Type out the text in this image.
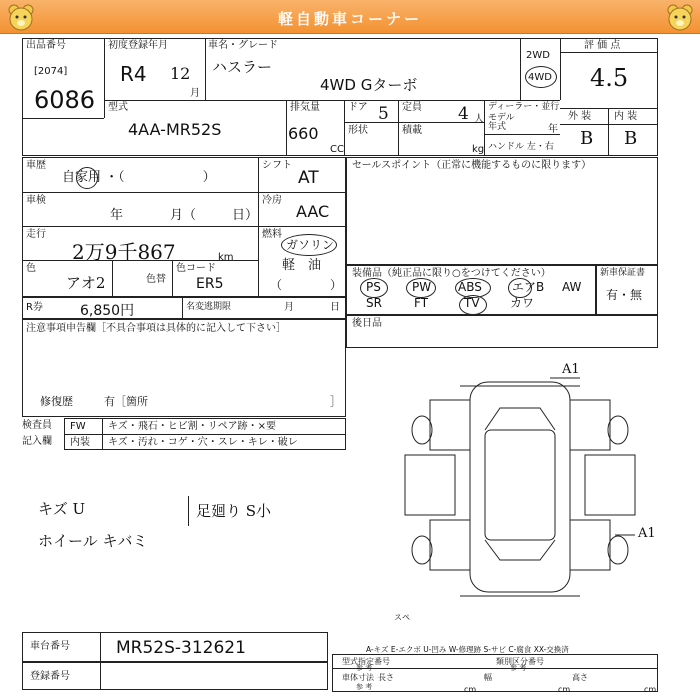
軽自動車コーナー
出品番号
[2074]
6086
初度登録年月
R4 12
月
車名・グレード
ハスラー
4WD Gターボ
2WD
4WD
評 価 点
4.5
外 装 内 装
B B
型式
4AA-MR52S
排気量
660
CC
ドア 5 定員 4 人
ディーラー・並行
モデル
年式	年
形状	積載
kg ハンドル 左・右
車歴
自家用 ・（　　　　　　）
シフト
AT
車検
年	月（	日）
冷房
AAC
走行
2万9千867	km
燃料
ガソリン
軽　油
（　　　　）
色
アオ2	色替
色コード
ER5
セールスポイント（正常に機能するものに限ります）
装備品（純正品に限り○をつけてください）
PS	PW ABS	エアB AW
SR	FT	TV	カワ
新車保証書
有・無
R券	6,850円	名変逃期限	月	日
注意事項申告欄［不具合事項は具体的に記入して下さい］
修復歴	有［箇所	］
後日品
検査員
記入欄
FW キズ・飛石・ヒビ割・リペア跡・×要
内装 キズ・汚れ・コゲ・穴・スレ・キレ・破レ
キズ U
ホイール キバミ
足廻り S小
A1
A1
スペ
A-キズ E-エクボ U-凹み W-修理跡 S-サビ C-腐食 XX-交換済
車台番号	MR52S-312621
登録番号
型式指定番号
参 考
類別区分番号
参 考
車体寸法
参 考
長さ
cm
幅
cm
高さ
cm
